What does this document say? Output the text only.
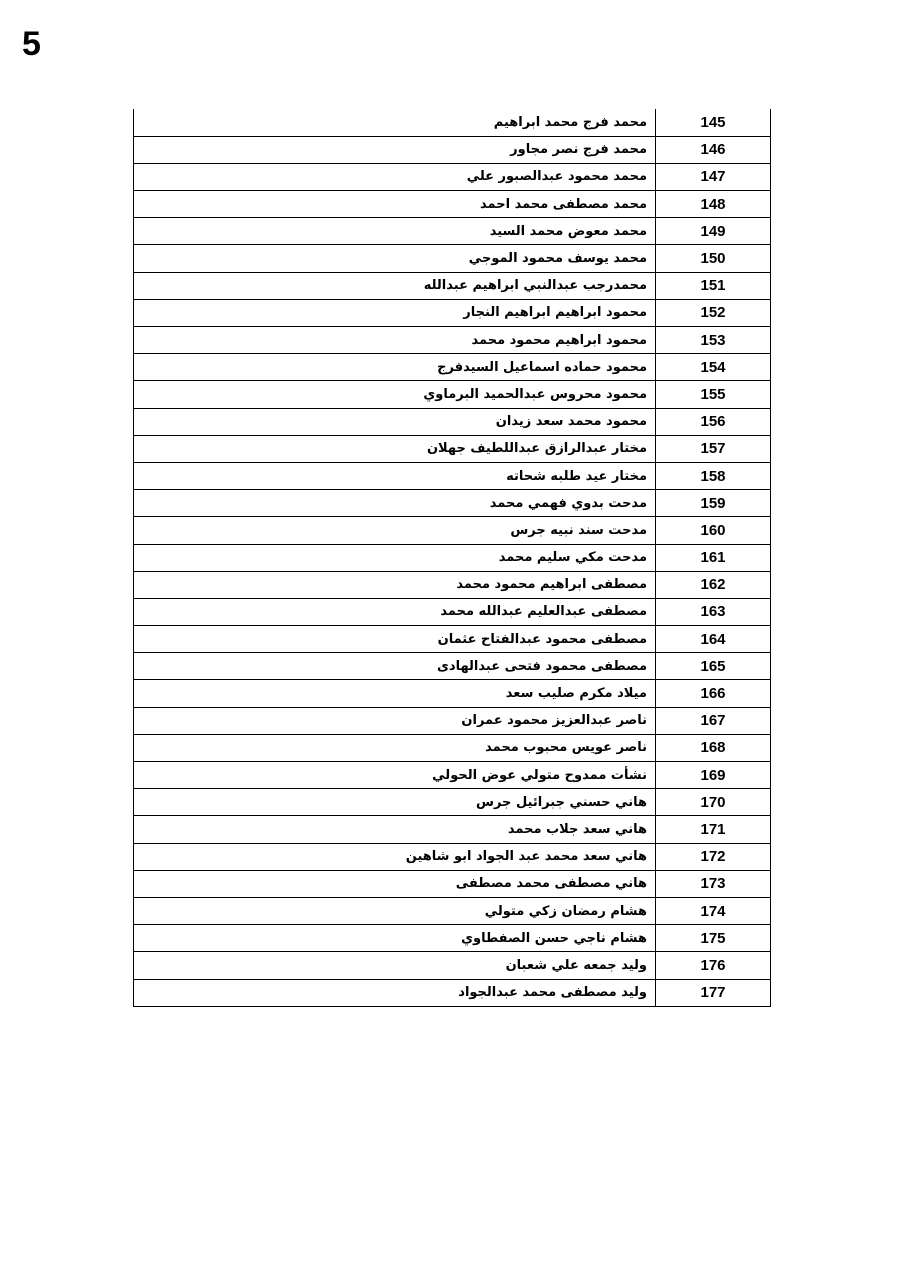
5
محمد فرج محمد ابراهيم	145
محمد فرج نصر مجاور	146
محمد محمود عبدالصبور علي	147
محمد مصطفى محمد احمد	148
محمد معوض محمد السيد	149
محمد يوسف محمود الموجي	150
محمدرجب عبدالنبي ابراهيم عبدالله	151
محمود ابراهيم ابراهيم النجار	152
محمود ابراهيم محمود محمد	153
محمود حماده اسماعيل السيدفرج	154
محمود محروس عبدالحميد البرماوي	155
محمود محمد سعد زيدان	156
مختار عبدالرازق عبداللطيف جهلان	157
مختار عيد طلبه شحاته	158
مدحت بدوي فهمي محمد	159
مدحت سند نبيه جرس	160
مدحت مكي سليم محمد	161
مصطفى ابراهيم محمود محمد	162
مصطفى عبدالعليم عبدالله محمد	163
مصطفى محمود عبدالفتاح عثمان	164
مصطفى محمود فتحى عبدالهادى	165
ميلاد مكرم صليب سعد	166
ناصر عبدالعزيز محمود عمران	167
ناصر عويس محبوب محمد	168
نشأت ممدوح متولي عوض الحولي	169
هاني حسني جبرائيل جرس	170
هاني سعد جلاب محمد	171
هاني سعد محمد عبد الجواد ابو شاهين	172
هاني مصطفى محمد مصطفى	173
هشام رمضان زكي متولي	174
هشام ناجي حسن الصفطاوي	175
وليد جمعه علي شعبان	176
وليد مصطفى محمد عبدالجواد	177
